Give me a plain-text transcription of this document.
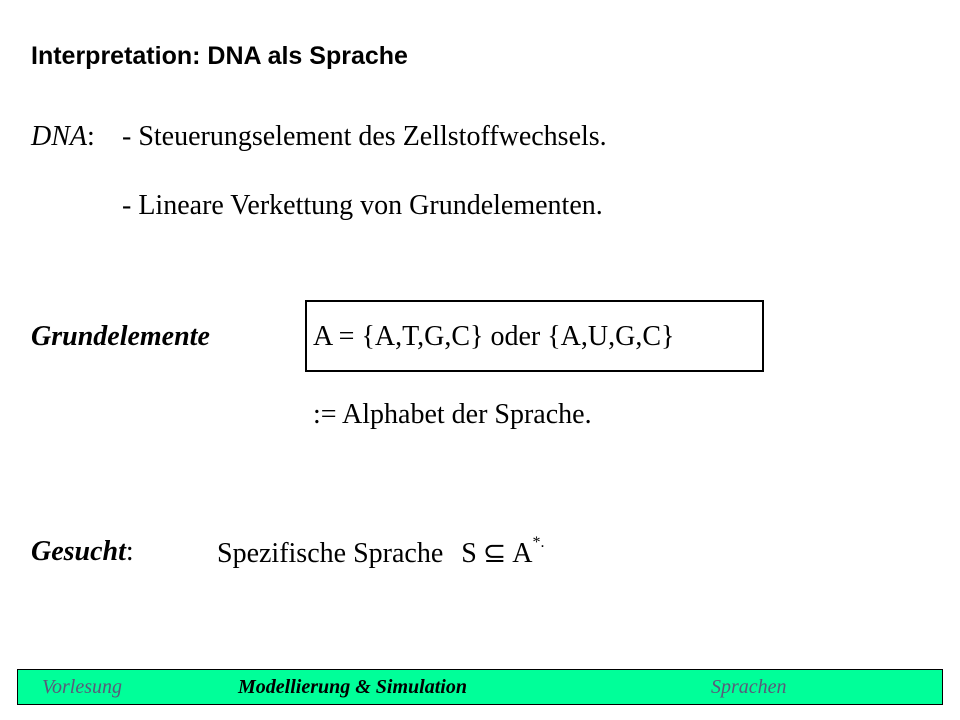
Interpretation: DNA als Sprache
DNA: - Steuerungselement des Zellstoffwechsels.
- Lineare Verkettung von Grundelementen.
Grundelemente	A = {A,T,G,C} oder {A,U,G,C}
:= Alphabet der Sprache.
Gesucht:	Spezifische Sprache S ⊆ A*.
Vorlesung	Modellierung & Simulation	Sprachen
